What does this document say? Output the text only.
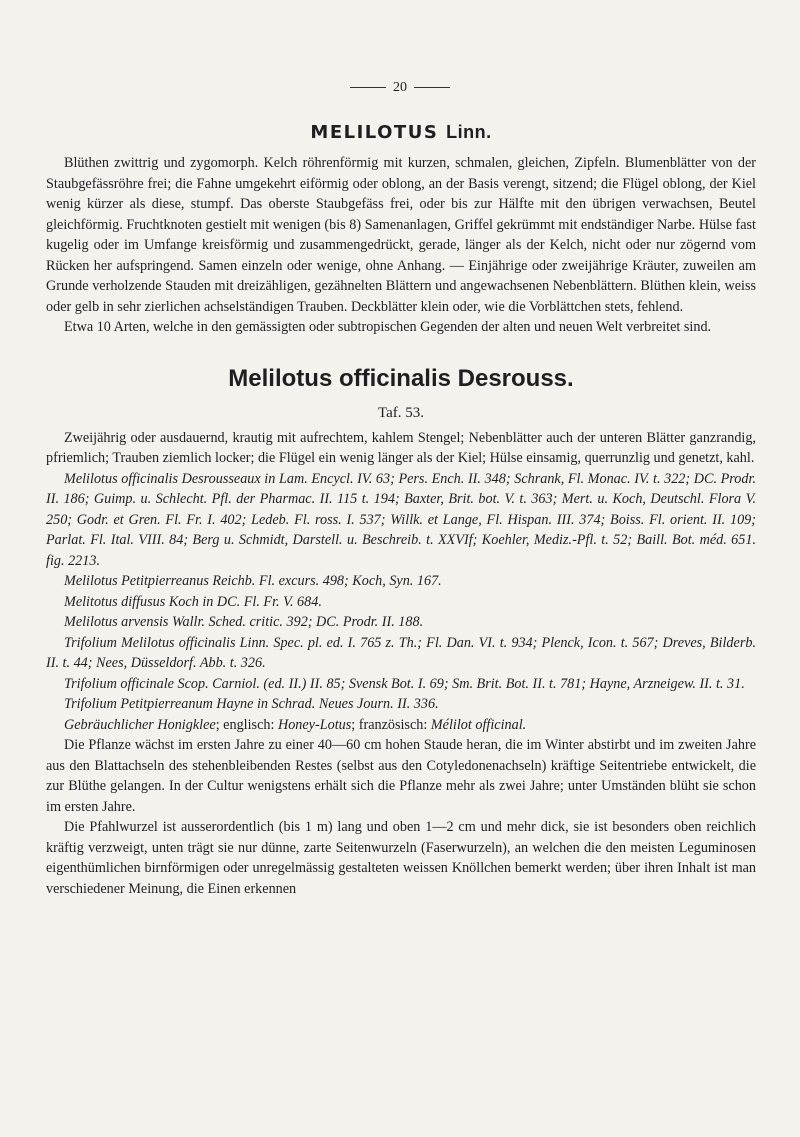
20
MELILOTUS Linn.

Blüthen zwittrig und zygomorph. Kelch röhrenförmig mit kurzen, schmalen, gleichen, Zipfeln. Blumenblätter von der Staubgefässröhre frei; die Fahne umgekehrt eiförmig oder oblong, an der Basis verengt, sitzend; die Flügel oblong, der Kiel wenig kürzer als diese, stumpf. Das oberste Staubgefäss frei, oder bis zur Hälfte mit den übrigen verwachsen, Beutel gleichförmig. Fruchtknoten gestielt mit wenigen (bis 8) Samenanlagen, Griffel gekrümmt mit endständiger Narbe. Hülse fast kugelig oder im Umfange kreisförmig und zusammengedrückt, gerade, länger als der Kelch, nicht oder nur zögernd vom Rücken her aufspringend. Samen einzeln oder wenige, ohne Anhang. — Einjährige oder zweijährige Kräuter, zuweilen am Grunde verholzende Stauden mit dreizähligen, gezähnelten Blättern und angewachsenen Nebenblättern. Blüthen klein, weiss oder gelb in sehr zierlichen achselständigen Trauben. Deckblätter klein oder, wie die Vorblättchen stets, fehlend.

Etwa 10 Arten, welche in den gemässigten oder subtropischen Gegenden der alten und neuen Welt verbreitet sind.

Melilotus officinalis Desrouss.
Taf. 53.

Zweijährig oder ausdauernd, krautig mit aufrechtem, kahlem Stengel; Nebenblätter auch der unteren Blätter ganzrandig, pfriemlich; Trauben ziemlich locker; die Flügel ein wenig länger als der Kiel; Hülse einsamig, querrunzlig und genetzt, kahl.

Melilotus officinalis Desrousseaux in Lam. Encycl. IV. 63; Pers. Ench. II. 348; Schrank, Fl. Monac. IV. t. 322; DC. Prodr. II. 186; Guimp. u. Schlecht. Pfl. der Pharmac. II. 115 t. 194; Baxter, Brit. bot. V. t. 363; Mert. u. Koch, Deutschl. Flora V. 250; Godr. et Gren. Fl. Fr. I. 402; Ledeb. Fl. ross. I. 537; Willk. et Lange, Fl. Hispan. III. 374; Boiss. Fl. orient. II. 109; Parlat. Fl. Ital. VIII. 84; Berg u. Schmidt, Darstell. u. Beschreib. t. XXVIf; Koehler, Mediz.-Pfl. t. 52; Baill. Bot. méd. 651. fig. 2213.

Melilotus Petitpierreanus Reichb. Fl. excurs. 498; Koch, Syn. 167.

Melitotus diffusus Koch in DC. Fl. Fr. V. 684.

Melilotus arvensis Wallr. Sched. critic. 392; DC. Prodr. II. 188.

Trifolium Melilotus officinalis Linn. Spec. pl. ed. I. 765 z. Th.; Fl. Dan. VI. t. 934; Plenck, Icon. t. 567; Dreves, Bilderb. II. t. 44; Nees, Düsseldorf. Abb. t. 326.

Trifolium officinale Scop. Carniol. (ed. II.) II. 85; Svensk Bot. I. 69; Sm. Brit. Bot. II. t. 781; Hayne, Arzneigew. II. t. 31.

Trifolium Petitpierreanum Hayne in Schrad. Neues Journ. II. 336.

Gebräuchlicher Honigklee; englisch: Honey-Lotus; französisch: Mélilot officinal.

Die Pflanze wächst im ersten Jahre zu einer 40—60 cm hohen Staude heran, die im Winter abstirbt und im zweiten Jahre aus den Blattachseln des stehenbleibenden Restes (selbst aus den Cotyledonenachseln) kräftige Seitentriebe entwickelt, die zur Blüthe gelangen. In der Cultur wenigstens erhält sich die Pflanze mehr als zwei Jahre; unter Umständen blüht sie schon im ersten Jahre.

Die Pfahlwurzel ist ausserordentlich (bis 1 m) lang und oben 1—2 cm und mehr dick, sie ist besonders oben reichlich kräftig verzweigt, unten trägt sie nur dünne, zarte Seitenwurzeln (Faserwurzeln), an welchen die den meisten Leguminosen eigenthümlichen birnförmigen oder unregelmässig gestalteten weissen Knöllchen bemerkt werden; über ihren Inhalt ist man verschiedener Meinung, die Einen erkennen
